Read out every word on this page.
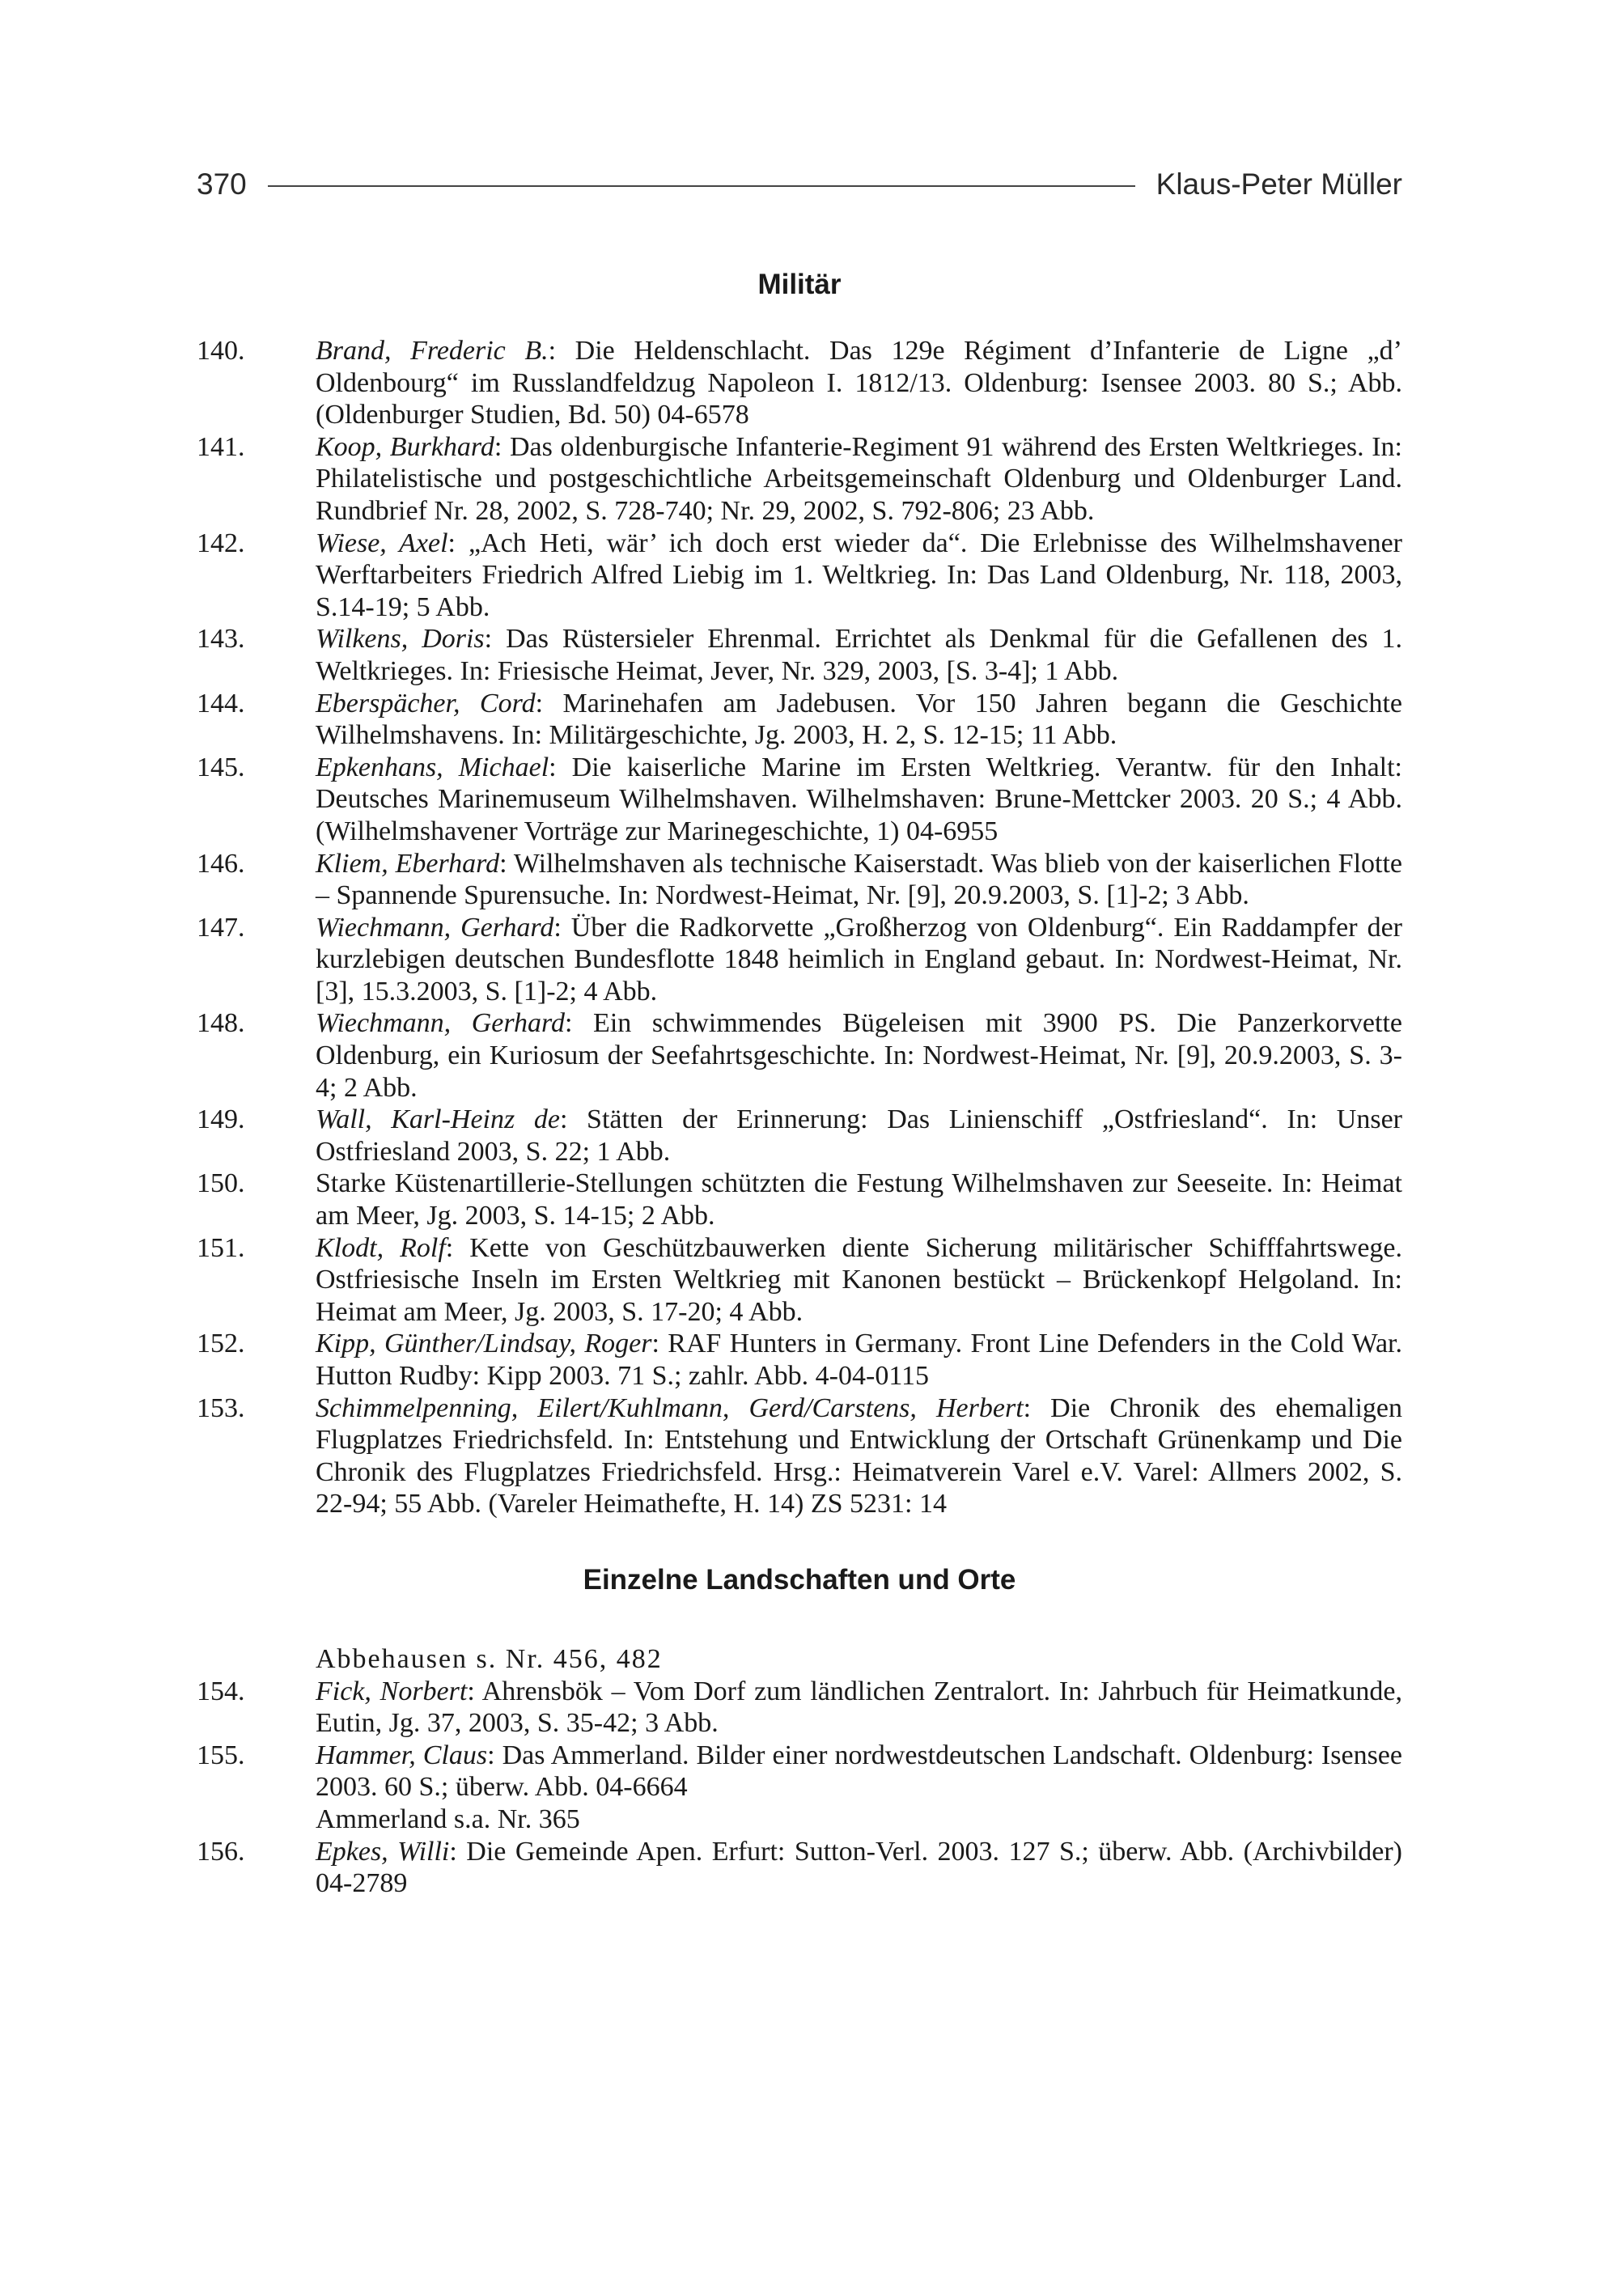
370	Klaus-Peter Müller
Militär
140.	Brand, Frederic B.: Die Heldenschlacht. Das 129e Régiment d’Infanterie de Ligne „d’ Oldenbourg“ im Russlandfeldzug Napoleon I. 1812/13. Oldenburg: Isensee 2003. 80 S.; Abb. (Oldenburger Studien, Bd. 50) 04-6578
141.	Koop, Burkhard: Das oldenburgische Infanterie-Regiment 91 während des Ersten Weltkrieges. In: Philatelistische und postgeschichtliche Arbeitsgemeinschaft Oldenburg und Oldenburger Land. Rundbrief Nr. 28, 2002, S. 728-740; Nr. 29, 2002, S. 792-806; 23 Abb.
142.	Wiese, Axel: „Ach Heti, wär’ ich doch erst wieder da“. Die Erlebnisse des Wilhelmshavener Werftarbeiters Friedrich Alfred Liebig im 1. Weltkrieg. In: Das Land Oldenburg, Nr. 118, 2003, S.14-19; 5 Abb.
143.	Wilkens, Doris: Das Rüstersieler Ehrenmal. Errichtet als Denkmal für die Gefallenen des 1. Weltkrieges. In: Friesische Heimat, Jever, Nr. 329, 2003, [S. 3-4]; 1 Abb.
144.	Eberspächer, Cord: Marinehafen am Jadebusen. Vor 150 Jahren begann die Geschichte Wilhelmshavens. In: Militärgeschichte, Jg. 2003, H. 2, S. 12-15; 11 Abb.
145.	Epkenhans, Michael: Die kaiserliche Marine im Ersten Weltkrieg. Verantw. für den Inhalt: Deutsches Marinemuseum Wilhelmshaven. Wilhelmshaven: Brune-Mettcker 2003. 20 S.; 4 Abb. (Wilhelmshavener Vorträge zur Marinegeschichte, 1) 04-6955
146.	Kliem, Eberhard: Wilhelmshaven als technische Kaiserstadt. Was blieb von der kaiserlichen Flotte – Spannende Spurensuche. In: Nordwest-Heimat, Nr. [9], 20.9.2003, S. [1]-2; 3 Abb.
147.	Wiechmann, Gerhard: Über die Radkorvette „Großherzog von Oldenburg“. Ein Raddampfer der kurzlebigen deutschen Bundesflotte 1848 heimlich in England gebaut. In: Nordwest-Heimat, Nr. [3], 15.3.2003, S. [1]-2; 4 Abb.
148.	Wiechmann, Gerhard: Ein schwimmendes Bügeleisen mit 3900 PS. Die Panzerkorvette Oldenburg, ein Kuriosum der Seefahrtsgeschichte. In: Nordwest-Heimat, Nr. [9], 20.9.2003, S. 3-4; 2 Abb.
149.	Wall, Karl-Heinz de: Stätten der Erinnerung: Das Linienschiff „Ostfriesland“. In: Unser Ostfriesland 2003, S. 22; 1 Abb.
150.	Starke Küstenartillerie-Stellungen schützten die Festung Wilhelmshaven zur Seeseite. In: Heimat am Meer, Jg. 2003, S. 14-15; 2 Abb.
151.	Klodt, Rolf: Kette von Geschützbauwerken diente Sicherung militärischer Schifffahrtswege. Ostfriesische Inseln im Ersten Weltkrieg mit Kanonen bestückt – Brückenkopf Helgoland. In: Heimat am Meer, Jg. 2003, S. 17-20; 4 Abb.
152.	Kipp, Günther/Lindsay, Roger: RAF Hunters in Germany. Front Line Defenders in the Cold War. Hutton Rudby: Kipp 2003. 71 S.; zahlr. Abb. 4-04-0115
153.	Schimmelpenning, Eilert/Kuhlmann, Gerd/Carstens, Herbert: Die Chronik des ehemaligen Flugplatzes Friedrichsfeld. In: Entstehung und Entwicklung der Ortschaft Grünenkamp und Die Chronik des Flugplatzes Friedrichsfeld. Hrsg.: Heimatverein Varel e.V. Varel: Allmers 2002, S. 22-94; 55 Abb. (Vareler Heimathefte, H. 14) ZS 5231: 14
Einzelne Landschaften und Orte
Abbehausen s. Nr. 456, 482
154.	Fick, Norbert: Ahrensbök – Vom Dorf zum ländlichen Zentralort. In: Jahrbuch für Heimatkunde, Eutin, Jg. 37, 2003, S. 35-42; 3 Abb.
155.	Hammer, Claus: Das Ammerland. Bilder einer nordwestdeutschen Landschaft. Oldenburg: Isensee 2003. 60 S.; überw. Abb. 04-6664
Ammerland s.a. Nr. 365
156.	Epkes, Willi: Die Gemeinde Apen. Erfurt: Sutton-Verl. 2003. 127 S.; überw. Abb. (Archivbilder) 04-2789
